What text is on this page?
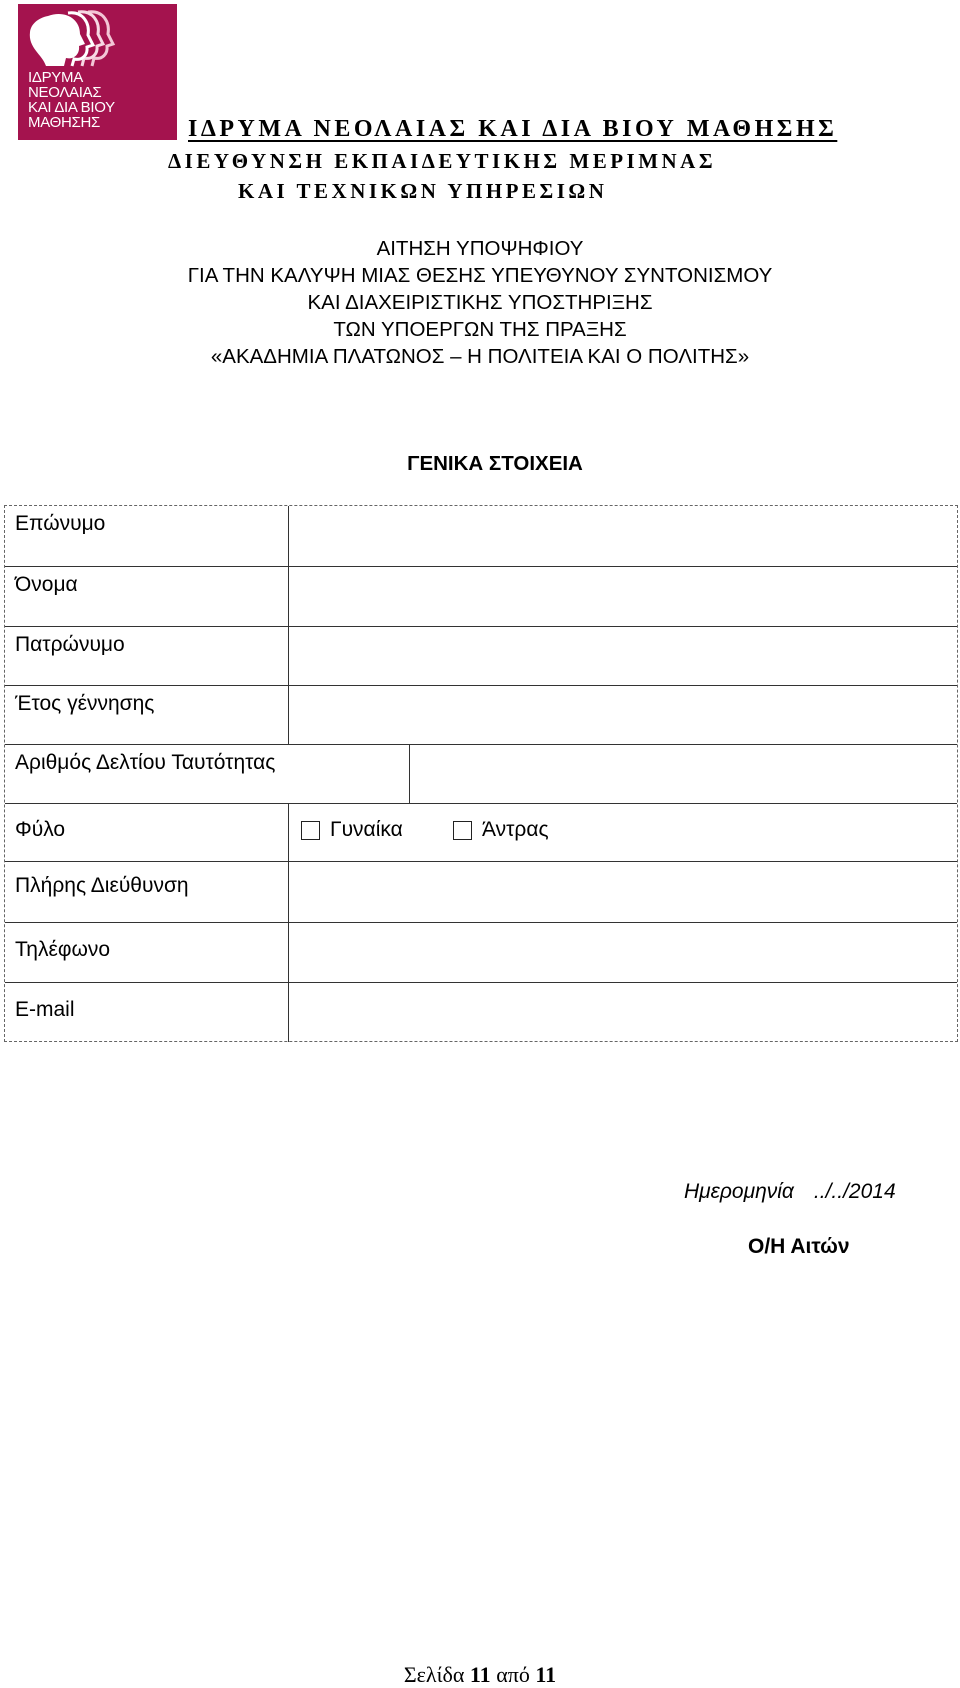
ΙΔΡΥΜΑ
ΝΕΟΛΑΙΑΣ
ΚΑΙ ΔΙΑ ΒΙΟΥ
ΜΑΘΗΣΗΣ	ΙΔΡΥΜΑ ΝΕΟΛΑΙΑΣ ΚΑΙ ΔΙΑ ΒΙΟΥ ΜΑΘΗΣΗΣ
ΔΙΕΥΘΥΝΣΗ ΕΚΠΑΙΔΕΥΤΙΚΗΣ ΜΕΡΙΜΝΑΣ
ΚΑΙ ΤΕΧΝΙΚΩΝ ΥΠΗΡΕΣΙΩΝ
ΑΙΤΗΣΗ ΥΠΟΨΗΦΙΟΥ
ΓΙΑ ΤΗΝ ΚΑΛΥΨΗ ΜΙΑΣ ΘΕΣΗΣ ΥΠΕΥΘΥΝΟΥ ΣΥΝΤΟΝΙΣΜΟΥ
ΚΑΙ ΔΙΑΧΕΙΡΙΣΤΙΚΗΣ ΥΠΟΣΤΗΡΙΞΗΣ
ΤΩΝ ΥΠΟΕΡΓΩΝ ΤΗΣ ΠΡΑΞΗΣ
«ΑΚΑΔΗΜΙΑ ΠΛΑΤΩΝΟΣ – Η ΠΟΛΙΤΕΙΑ ΚΑΙ Ο ΠΟΛΙΤΗΣ»
ΓΕΝΙΚΑ ΣΤΟΙΧΕΙΑ
Επώνυμο
Όνομα
Πατρώνυμο
Έτος γέννησης
Αριθμός Δελτίου Ταυτότητας
Φύλο	Γυναίκα	Άντρας
Πλήρης Διεύθυνση
Τηλέφωνο
E-mail
Ημερομηνία ../../2014
Ο/Η Αιτών
Σελίδα 11 από 11
